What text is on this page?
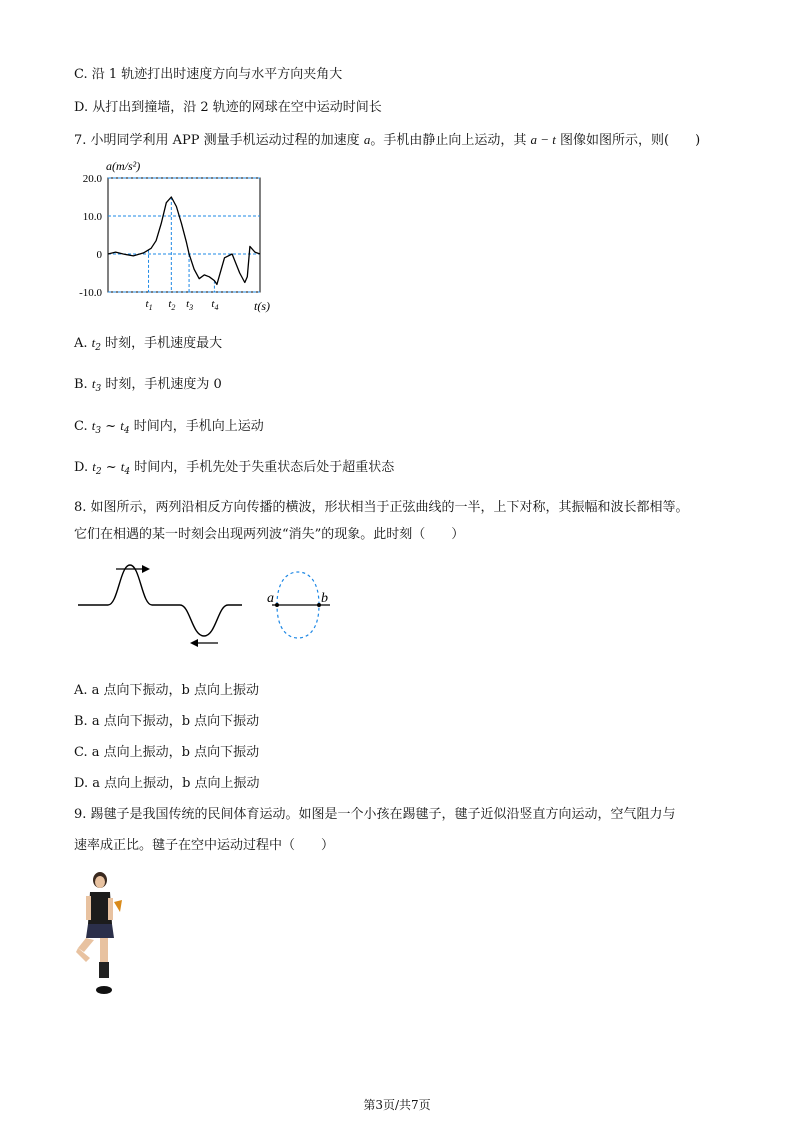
C. 沿 1 轨迹打出时速度方向与水平方向夹角大
D. 从打出到撞墙，沿 2 轨迹的网球在空中运动时间长
7. 小明同学利用 APP 测量手机运动过程的加速度 a。手机由静止向上运动，其 a − t 图像如图所示，则(　　)
20.0
10.0
0
-10.0
$t_1$ $t_2$ $t_3$ $t_4$
a(m/s²)
t(s)
A. $t_2$ 时刻，手机速度最大
B. $t_3$ 时刻，手机速度为 0
C. $t_3$ ~ $t_4$ 时间内，手机向上运动
D. $t_2$ ~ $t_4$ 时间内，手机先处于失重状态后处于超重状态
8. 如图所示，两列沿相反方向传播的横波，形状相当于正弦曲线的一半，上下对称，其振幅和波长都相等。
它们在相遇的某一时刻会出现两列波“消失”的现象。此时刻（　　）
a	b
A. a 点向下振动，b 点向上振动
B. a 点向下振动，b 点向下振动
C. a 点向上振动，b 点向下振动
D. a 点向上振动，b 点向上振动
9. 踢毽子是我国传统的民间体育运动。如图是一个小孩在踢毽子，毽子近似沿竖直方向运动，空气阻力与
速率成正比。毽子在空中运动过程中（　　）
第3页/共7页
